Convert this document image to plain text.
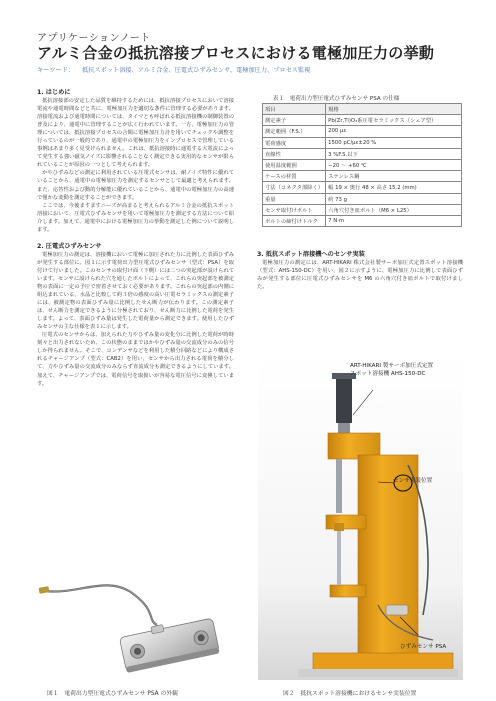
アプリケーションノート
アルミ合金の抵抗溶接プロセスにおける電極加圧力の挙動
キーワード： 抵抗スポット溶接、アルミ合金、圧電式ひずみセンサ、電極加圧力、プロセス監視
1. はじめに

抵抗溶接部の安定した品質を維持するためには、抵抗溶接プロセスにおいて溶接電流や通電時間などと共に、電極加圧力を適切な条件に管理する必要があります。溶接電流および通電時間については、タイマとも呼ばれる抵抗溶接機の制御装置の普及により、通電中に管理することが広く行われています。一方、電極加圧力の管理については、抵抗溶接プロセスの合間に電極加圧力計を用いてチェックや調整を行っているのが一般的であり、通電中の電極加圧力をインプロセスで管理している事例はあまり多く見受けられません。これは、抵抗溶接時に通電する大電流によって発生する強い磁気ノイズに影響されることなく測定できる実用的なセンサが限られていることが原因の一つとして考えられます。

かやひずみなどの測定に利用されている圧電式センサは、耐ノイズ特性に優れていることから、通電中の電極加圧力を測定するセンサとして最適と考えられます。また、応答性および動的分解能に優れていることから、通電中の電極加圧力の高速で僅かな変動を測定することができます。

ここでは、今後ますますニーズが高まると考えられるアルミ合金の抵抗スポット溶接において、圧電式ひずみセンサを用いて電極加圧力を測定する方法について紹介します。加えて、通電中における電極加圧力の挙動を測定した例について説明します。

2. 圧電式ひずみセンサ

電極加圧力の測定は、溶接機において電極に加圧された力に比例した表面ひずみが発生する部位に、図１に示す電荷出力型圧電式ひずみセンサ（型式：PSA）を取付けて行いました。このセンサの取付け面（下側）には二つの突起部が設けられています。センサに設けられた穴を通したボルトによって、これらの突起部を被測定物の表面に一定の予圧で密着させておく必要があります。これらの突起部の内側に組込まれている、水晶と比較して約３倍の感度の高い圧電セラミックスの測定素子には、被測定物の表面ひずみ量に比例したせん断力が伝わります。この測定素子は、せん断力を測定できるように分極されており、せん断力に比例した電荷を発生します。よって、表面ひずみ量は発生した電荷量から測定できます。使用したひずみセンサの主な仕様を表１に示します。

圧電式のセンサからは、加えられた力やひずみ量の変化分に比例した電荷が時時刻々と出力されないため、この状態のままではかやひずみ量の交流成分のみの信号しか得られません。そこで、コンデンサなどを利用した積分回路などにより構成されるチャージアンプ（型式：CAB2）を用い、センサから出力される電荷を積分して、力やひずみ量の交流成分のみならず直流成分も測定できるようにしています。加えて、チャージアンプでは、電荷信号を取扱いが容易な電圧信号に変換しています。

表１　電荷出力型圧電式ひずみセンサ PSA の仕様
項目	規格
測定素子	Pb(Zr,Ti)O₃系圧電セラミックス（シェア型）
測定範囲（F.S.）	200 με
電荷感度	1500 pC/με±20 %
直線性	3 %F.S.以下
使用温度範囲	−20 ～ +60 ℃
ケースの材質	ステンレス鋼
寸法（コネクタ部除く）	幅 19 × 奥行 48 × 高さ 15.2 (mm)
重量	約 73 g
センサ取付けボルト	六角穴付き皿ボルト（M6 × L25）
ボルトの締付けトルク	7 N·m
3. 抵抗スポット溶接機へのセンサ実装

電極加圧力の測定には、ART-HIKARI 株式会社製サーボ加圧式定置スポット溶接機（型式：AHS-150-DC）を用い、図２に示すように、電極加圧力に比例して表面ひずみが発生する部位に圧電式ひずみセンサを M6 の六角穴付き皿ボルトで取付けました。

ART-HIKARI 製サーボ加圧式定置
スポット溶接機 AHS-150-DC
センサ実装位置
ひずみセンサ PSA
図１　電荷出力型圧電式ひずみセンサ PSA の外観	図２　抵抗スポット溶接機におけるセンサ実装位置
